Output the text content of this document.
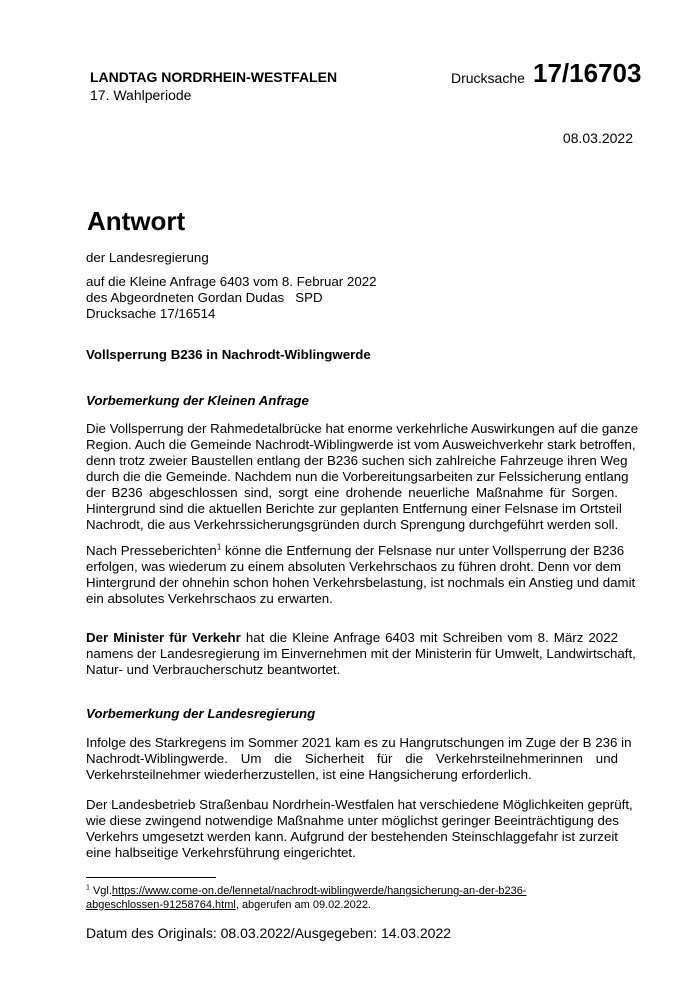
LANDTAG NORDRHEIN-WESTFALEN
17. Wahlperiode
Drucksache 17/16703
08.03.2022
Antwort
der Landesregierung
auf die Kleine Anfrage 6403 vom 8. Februar 2022
des Abgeordneten Gordan Dudas   SPD
Drucksache 17/16514
Vollsperrung B236 in Nachrodt-Wiblingwerde
Vorbemerkung der Kleinen Anfrage
Die Vollsperrung der Rahmedetalbrücke hat enorme verkehrliche Auswirkungen auf die ganze
Region. Auch die Gemeinde Nachrodt-Wiblingwerde ist vom Ausweichverkehr stark betroffen,
denn trotz zweier Baustellen entlang der B236 suchen sich zahlreiche Fahrzeuge ihren Weg
durch die die Gemeinde. Nachdem nun die Vorbereitungsarbeiten zur Felssicherung entlang
der B236 abgeschlossen sind, sorgt eine drohende neuerliche Maßnahme für Sorgen.
Hintergrund sind die aktuellen Berichte zur geplanten Entfernung einer Felsnase im Ortsteil
Nachrodt, die aus Verkehrssicherungsgründen durch Sprengung durchgeführt werden soll.
Nach Presseberichten$^1$ könne die Entfernung der Felsnase nur unter Vollsperrung der B236
erfolgen, was wiederum zu einem absoluten Verkehrschaos zu führen droht. Denn vor dem
Hintergrund der ohnehin schon hohen Verkehrsbelastung, ist nochmals ein Anstieg und damit
ein absolutes Verkehrschaos zu erwarten.
Der Minister für Verkehr hat die Kleine Anfrage 6403 mit Schreiben vom 8. März 2022
namens der Landesregierung im Einvernehmen mit der Ministerin für Umwelt, Landwirtschaft,
Natur- und Verbraucherschutz beantwortet.
Vorbemerkung der Landesregierung
Infolge des Starkregens im Sommer 2021 kam es zu Hangrutschungen im Zuge der B 236 in
Nachrodt-Wiblingwerde. Um die Sicherheit für die Verkehrsteilnehmerinnen und
Verkehrsteilnehmer wiederherzustellen, ist eine Hangsicherung erforderlich.
Der Landesbetrieb Straßenbau Nordrhein-Westfalen hat verschiedene Möglichkeiten geprüft,
wie diese zwingend notwendige Maßnahme unter möglichst geringer Beeinträchtigung des
Verkehrs umgesetzt werden kann. Aufgrund der bestehenden Steinschlaggefahr ist zurzeit
eine halbseitige Verkehrsführung eingerichtet.
$^1$ Vgl.https://www.come-on.de/lennetal/nachrodt-wiblingwerde/hangsicherung-an-der-b236-
abgeschlossen-91258764.html, abgerufen am 09.02.2022.
Datum des Originals: 08.03.2022/Ausgegeben: 14.03.2022
